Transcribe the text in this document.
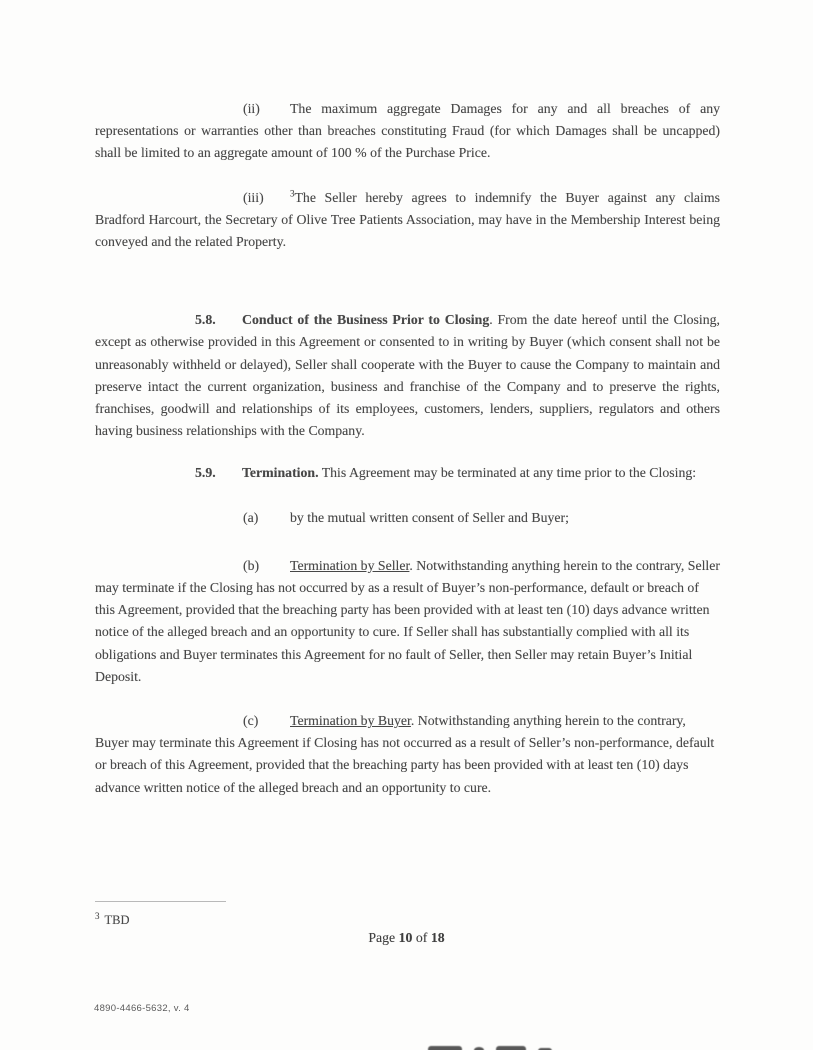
(ii) The maximum aggregate Damages for any and all breaches of any representations or warranties other than breaches constituting Fraud (for which Damages shall be uncapped) shall be limited to an aggregate amount of 100 % of the Purchase Price.

(iii)	$^3$The Seller hereby agrees to indemnify the Buyer against any claims Bradford Harcourt, the Secretary of Olive Tree Patients Association, may have in the Membership Interest being conveyed and the related Property.

5.8. Conduct of the Business Prior to Closing. From the date hereof until the Closing, except as otherwise provided in this Agreement or consented to in writing by Buyer (which consent shall not be unreasonably withheld or delayed), Seller shall cooperate with the Buyer to cause the Company to maintain and preserve intact the current organization, business and franchise of the Company and to preserve the rights, franchises, goodwill and relationships of its employees, customers, lenders, suppliers, regulators and others having business relationships with the Company.

5.9. Termination. This Agreement may be terminated at any time prior to the Closing:

(a) by the mutual written consent of Seller and Buyer;

(b) Termination by Seller. Notwithstanding anything herein to the contrary, Seller may terminate if the Closing has not occurred by as a result of Buyer’s non-performance, default or breach of this Agreement, provided that the breaching party has been provided with at least ten (10) days advance written notice of the alleged breach and an opportunity to cure. If Seller shall has substantially complied with all its obligations and Buyer terminates this Agreement for no fault of Seller, then Seller may retain Buyer’s Initial Deposit.

(c) Termination by Buyer. Notwithstanding anything herein to the contrary, Buyer may terminate this Agreement if Closing has not occurred as a result of Seller’s non-performance, default or breach of this Agreement, provided that the breaching party has been provided with at least ten (10) days advance written notice of the alleged breach and an opportunity to cure.

$^3$ TBD
Page 10 of 18
4890-4466-5632, v. 4
